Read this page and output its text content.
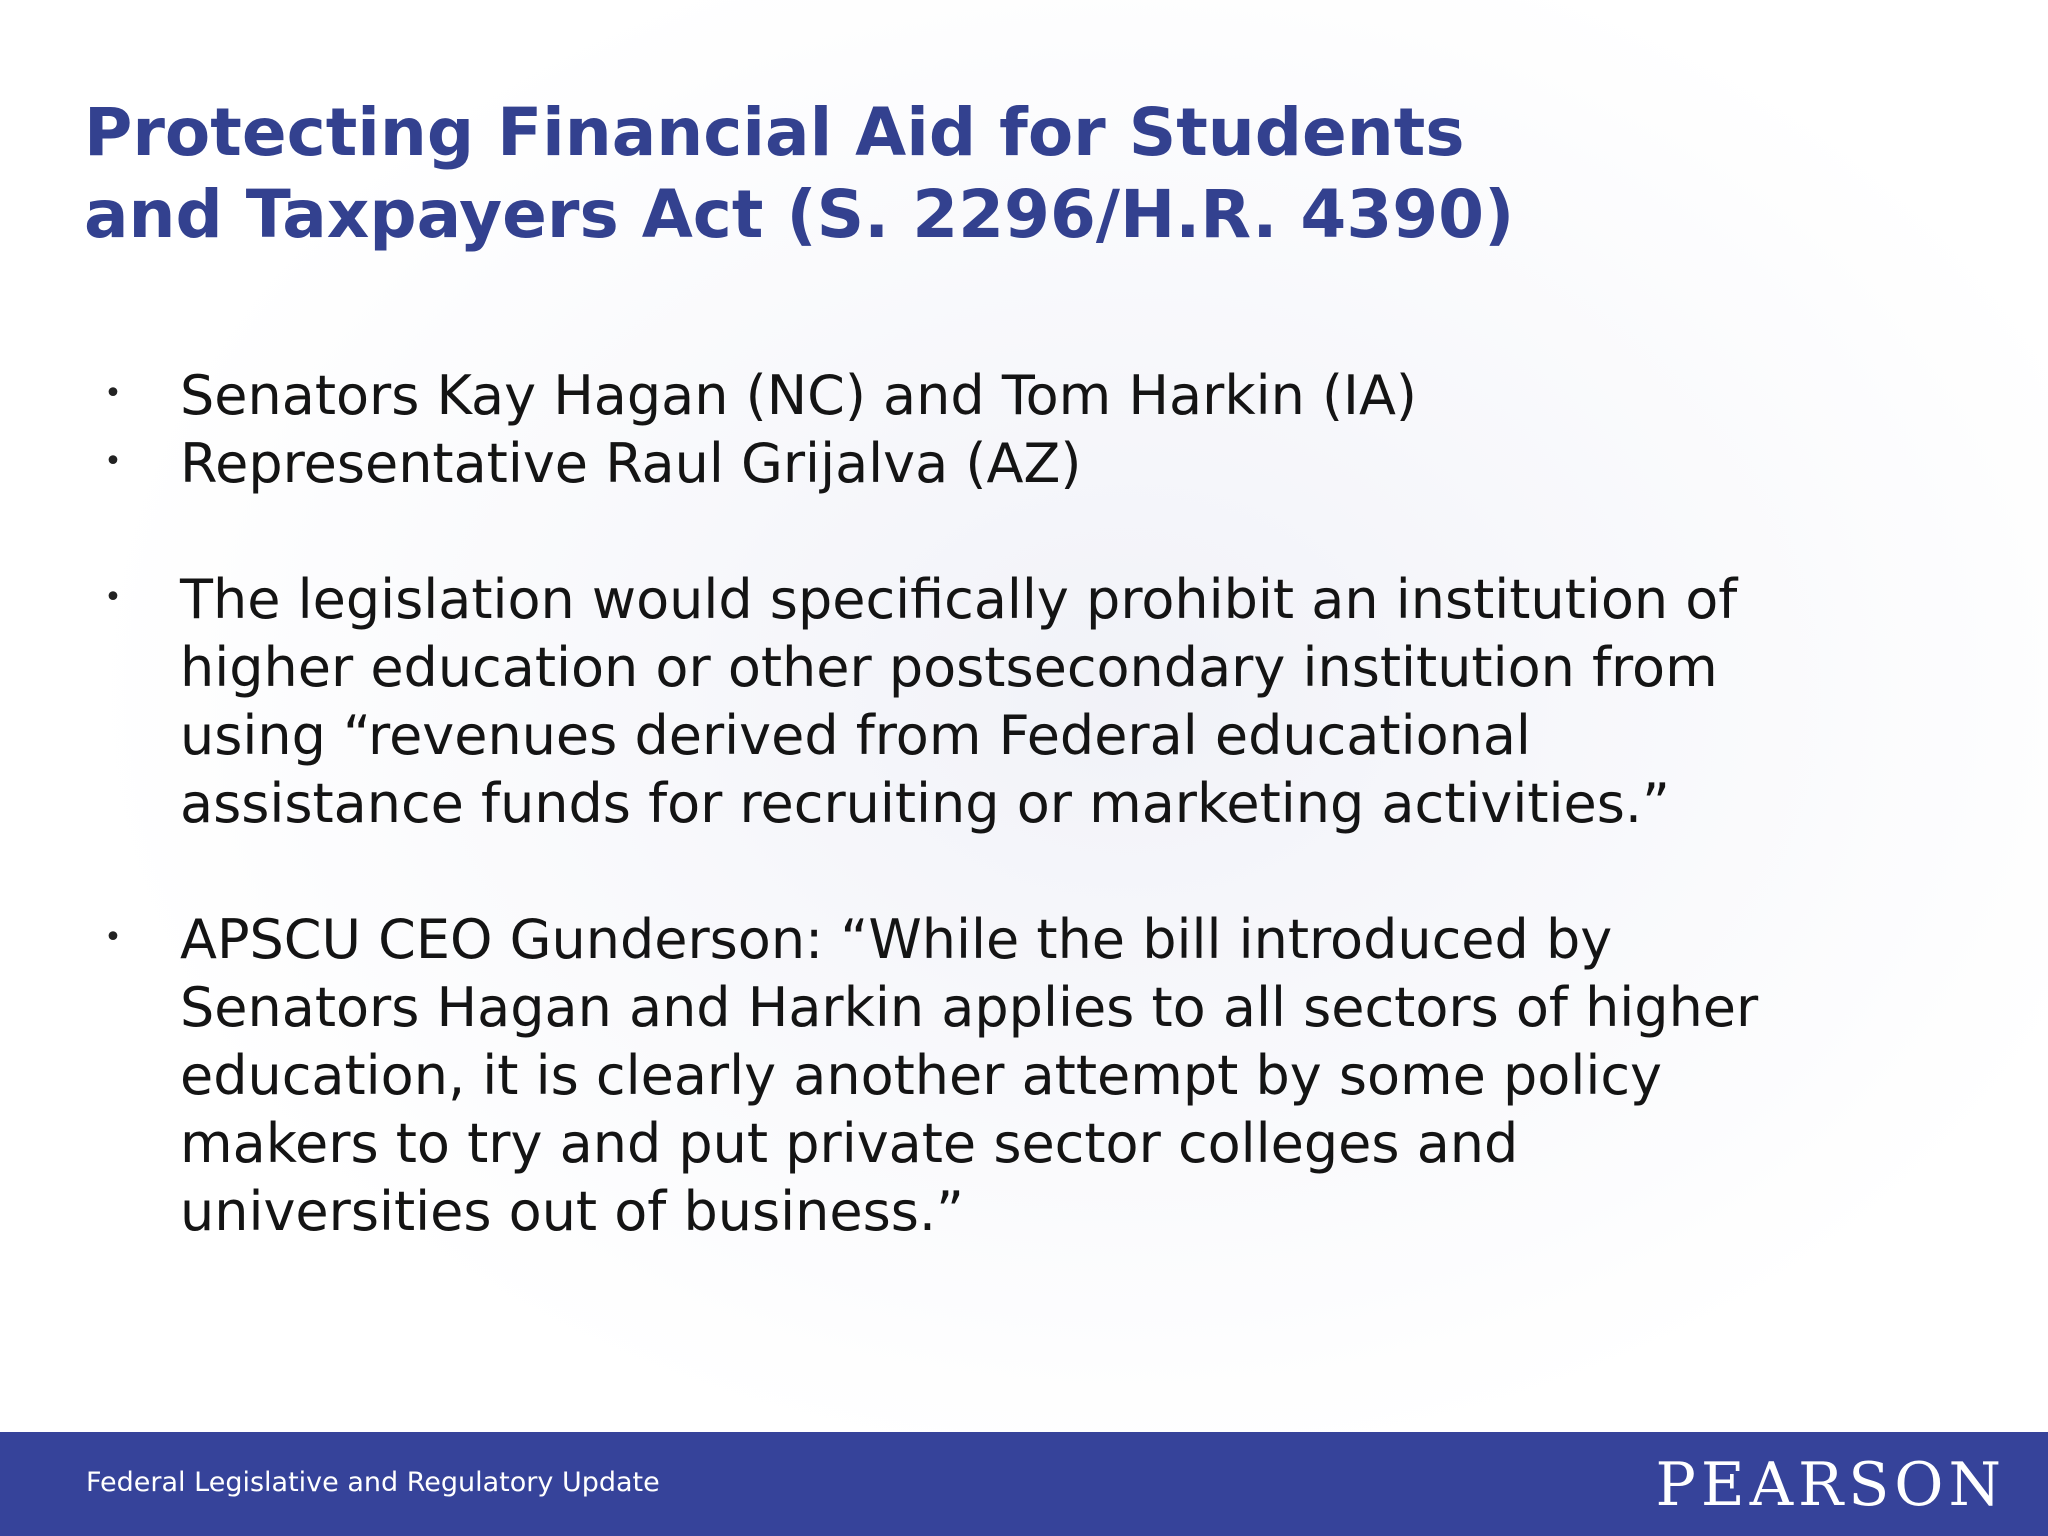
Protecting Financial Aid for Students
and Taxpayers Act (S. 2296/H.R. 4390)
• Senators Kay Hagan (NC) and Tom Harkin (IA)
• Representative Raul Grijalva (AZ)
• The legislation would specifically prohibit an institution of
higher education or other postsecondary institution from
using “revenues derived from Federal educational
assistance funds for recruiting or marketing activities.”
• APSCU CEO Gunderson: “While the bill introduced by
Senators Hagan and Harkin applies to all sectors of higher
education, it is clearly another attempt by some policy
makers to try and put private sector colleges and
universities out of business.”
Federal Legislative and Regulatory Update	PEARSON
